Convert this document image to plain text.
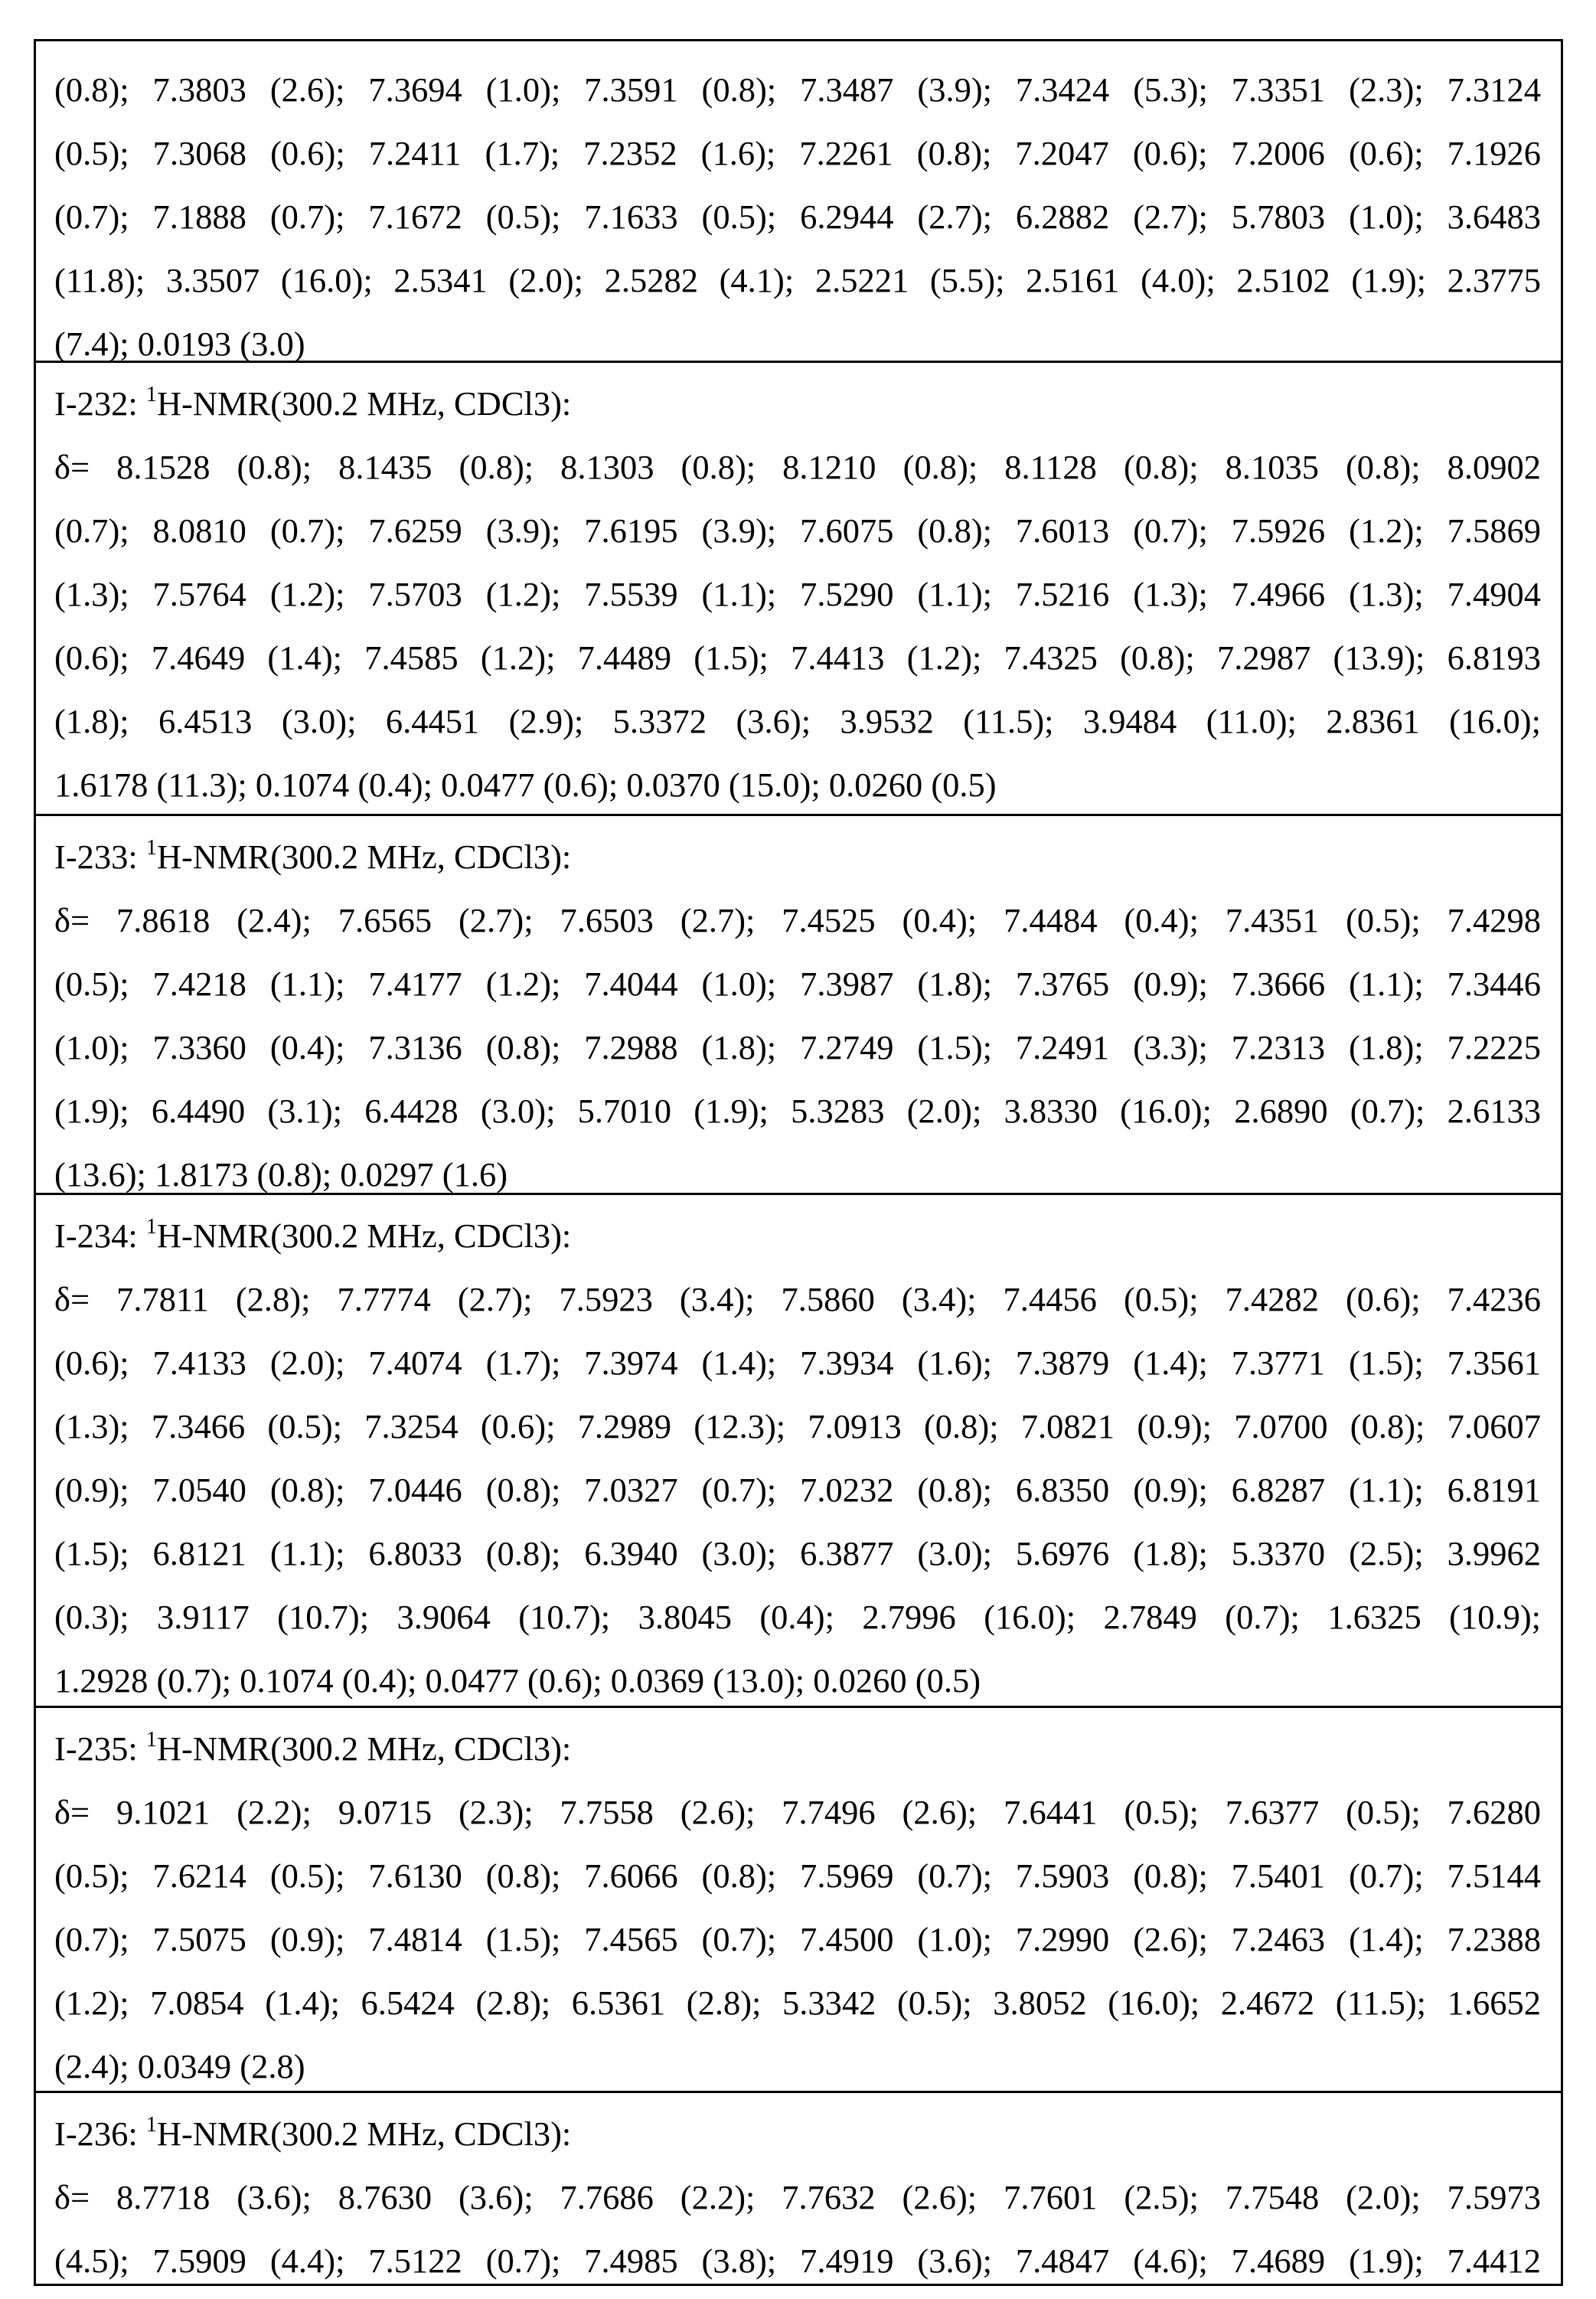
(0.8); 7.3803 (2.6); 7.3694 (1.0); 7.3591 (0.8); 7.3487 (3.9); 7.3424 (5.3); 7.3351 (2.3); 7.3124
(0.5); 7.3068 (0.6); 7.2411 (1.7); 7.2352 (1.6); 7.2261 (0.8); 7.2047 (0.6); 7.2006 (0.6); 7.1926
(0.7); 7.1888 (0.7); 7.1672 (0.5); 7.1633 (0.5); 6.2944 (2.7); 6.2882 (2.7); 5.7803 (1.0); 3.6483
(11.8); 3.3507 (16.0); 2.5341 (2.0); 2.5282 (4.1); 2.5221 (5.5); 2.5161 (4.0); 2.5102 (1.9); 2.3775
(7.4); 0.0193 (3.0)
I-232: $^1$H-NMR(300.2 MHz, CDCl3):
δ= 8.1528 (0.8); 8.1435 (0.8); 8.1303 (0.8); 8.1210 (0.8); 8.1128 (0.8); 8.1035 (0.8); 8.0902
(0.7); 8.0810 (0.7); 7.6259 (3.9); 7.6195 (3.9); 7.6075 (0.8); 7.6013 (0.7); 7.5926 (1.2); 7.5869
(1.3); 7.5764 (1.2); 7.5703 (1.2); 7.5539 (1.1); 7.5290 (1.1); 7.5216 (1.3); 7.4966 (1.3); 7.4904
(0.6); 7.4649 (1.4); 7.4585 (1.2); 7.4489 (1.5); 7.4413 (1.2); 7.4325 (0.8); 7.2987 (13.9); 6.8193
(1.8); 6.4513 (3.0); 6.4451 (2.9); 5.3372 (3.6); 3.9532 (11.5); 3.9484 (11.0); 2.8361 (16.0);
1.6178 (11.3); 0.1074 (0.4); 0.0477 (0.6); 0.0370 (15.0); 0.0260 (0.5)
I-233: $^1$H-NMR(300.2 MHz, CDCl3):
δ= 7.8618 (2.4); 7.6565 (2.7); 7.6503 (2.7); 7.4525 (0.4); 7.4484 (0.4); 7.4351 (0.5); 7.4298
(0.5); 7.4218 (1.1); 7.4177 (1.2); 7.4044 (1.0); 7.3987 (1.8); 7.3765 (0.9); 7.3666 (1.1); 7.3446
(1.0); 7.3360 (0.4); 7.3136 (0.8); 7.2988 (1.8); 7.2749 (1.5); 7.2491 (3.3); 7.2313 (1.8); 7.2225
(1.9); 6.4490 (3.1); 6.4428 (3.0); 5.7010 (1.9); 5.3283 (2.0); 3.8330 (16.0); 2.6890 (0.7); 2.6133
(13.6); 1.8173 (0.8); 0.0297 (1.6)
I-234: $^1$H-NMR(300.2 MHz, CDCl3):
δ= 7.7811 (2.8); 7.7774 (2.7); 7.5923 (3.4); 7.5860 (3.4); 7.4456 (0.5); 7.4282 (0.6); 7.4236
(0.6); 7.4133 (2.0); 7.4074 (1.7); 7.3974 (1.4); 7.3934 (1.6); 7.3879 (1.4); 7.3771 (1.5); 7.3561
(1.3); 7.3466 (0.5); 7.3254 (0.6); 7.2989 (12.3); 7.0913 (0.8); 7.0821 (0.9); 7.0700 (0.8); 7.0607
(0.9); 7.0540 (0.8); 7.0446 (0.8); 7.0327 (0.7); 7.0232 (0.8); 6.8350 (0.9); 6.8287 (1.1); 6.8191
(1.5); 6.8121 (1.1); 6.8033 (0.8); 6.3940 (3.0); 6.3877 (3.0); 5.6976 (1.8); 5.3370 (2.5); 3.9962
(0.3); 3.9117 (10.7); 3.9064 (10.7); 3.8045 (0.4); 2.7996 (16.0); 2.7849 (0.7); 1.6325 (10.9);
1.2928 (0.7); 0.1074 (0.4); 0.0477 (0.6); 0.0369 (13.0); 0.0260 (0.5)
I-235: $^1$H-NMR(300.2 MHz, CDCl3):
δ= 9.1021 (2.2); 9.0715 (2.3); 7.7558 (2.6); 7.7496 (2.6); 7.6441 (0.5); 7.6377 (0.5); 7.6280
(0.5); 7.6214 (0.5); 7.6130 (0.8); 7.6066 (0.8); 7.5969 (0.7); 7.5903 (0.8); 7.5401 (0.7); 7.5144
(0.7); 7.5075 (0.9); 7.4814 (1.5); 7.4565 (0.7); 7.4500 (1.0); 7.2990 (2.6); 7.2463 (1.4); 7.2388
(1.2); 7.0854 (1.4); 6.5424 (2.8); 6.5361 (2.8); 5.3342 (0.5); 3.8052 (16.0); 2.4672 (11.5); 1.6652
(2.4); 0.0349 (2.8)
I-236: $^1$H-NMR(300.2 MHz, CDCl3):
δ= 8.7718 (3.6); 8.7630 (3.6); 7.7686 (2.2); 7.7632 (2.6); 7.7601 (2.5); 7.7548 (2.0); 7.5973
(4.5); 7.5909 (4.4); 7.5122 (0.7); 7.4985 (3.8); 7.4919 (3.6); 7.4847 (4.6); 7.4689 (1.9); 7.4412
